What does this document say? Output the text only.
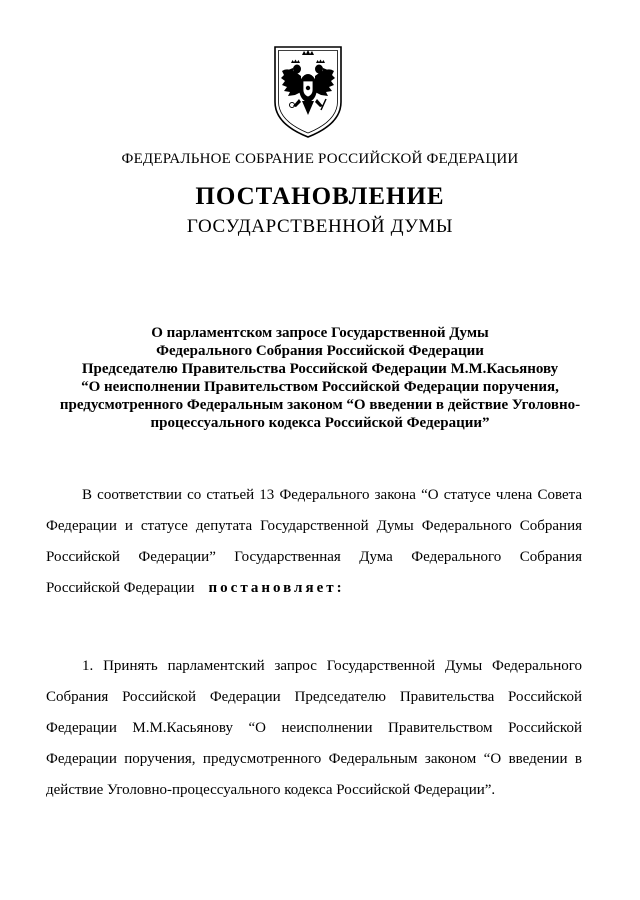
ФЕДЕРАЛЬНОЕ СОБРАНИЕ РОССИЙСКОЙ ФЕДЕРАЦИИ
ПОСТАНОВЛЕНИЕ
ГОСУДАРСТВЕННОЙ ДУМЫ
О парламентском запросе Государственной Думы
Федерального Собрания Российской Федерации
Председателю Правительства Российской Федерации М.М.Касьянову
“О неисполнении Правительством Российской Федерации поручения,
предусмотренного Федеральным законом “О введении в действие Уголовно-
процессуального кодекса Российской Федерации”
В соответствии со статьей 13 Федерального закона “О статусе члена Совета
Федерации и статусе депутата Государственной Думы Федерального Собрания
Российской Федерации” Государственная Дума Федерального Собрания
Российской Федерации постановляет:
1. Принять парламентский запрос Государственной Думы Федерального
Собрания Российской Федерации Председателю Правительства Российской
Федерации М.М.Касьянову “О неисполнении Правительством Российской
Федерации поручения, предусмотренного Федеральным законом “О введении в
действие Уголовно-процессуального кодекса Российской Федерации”.
